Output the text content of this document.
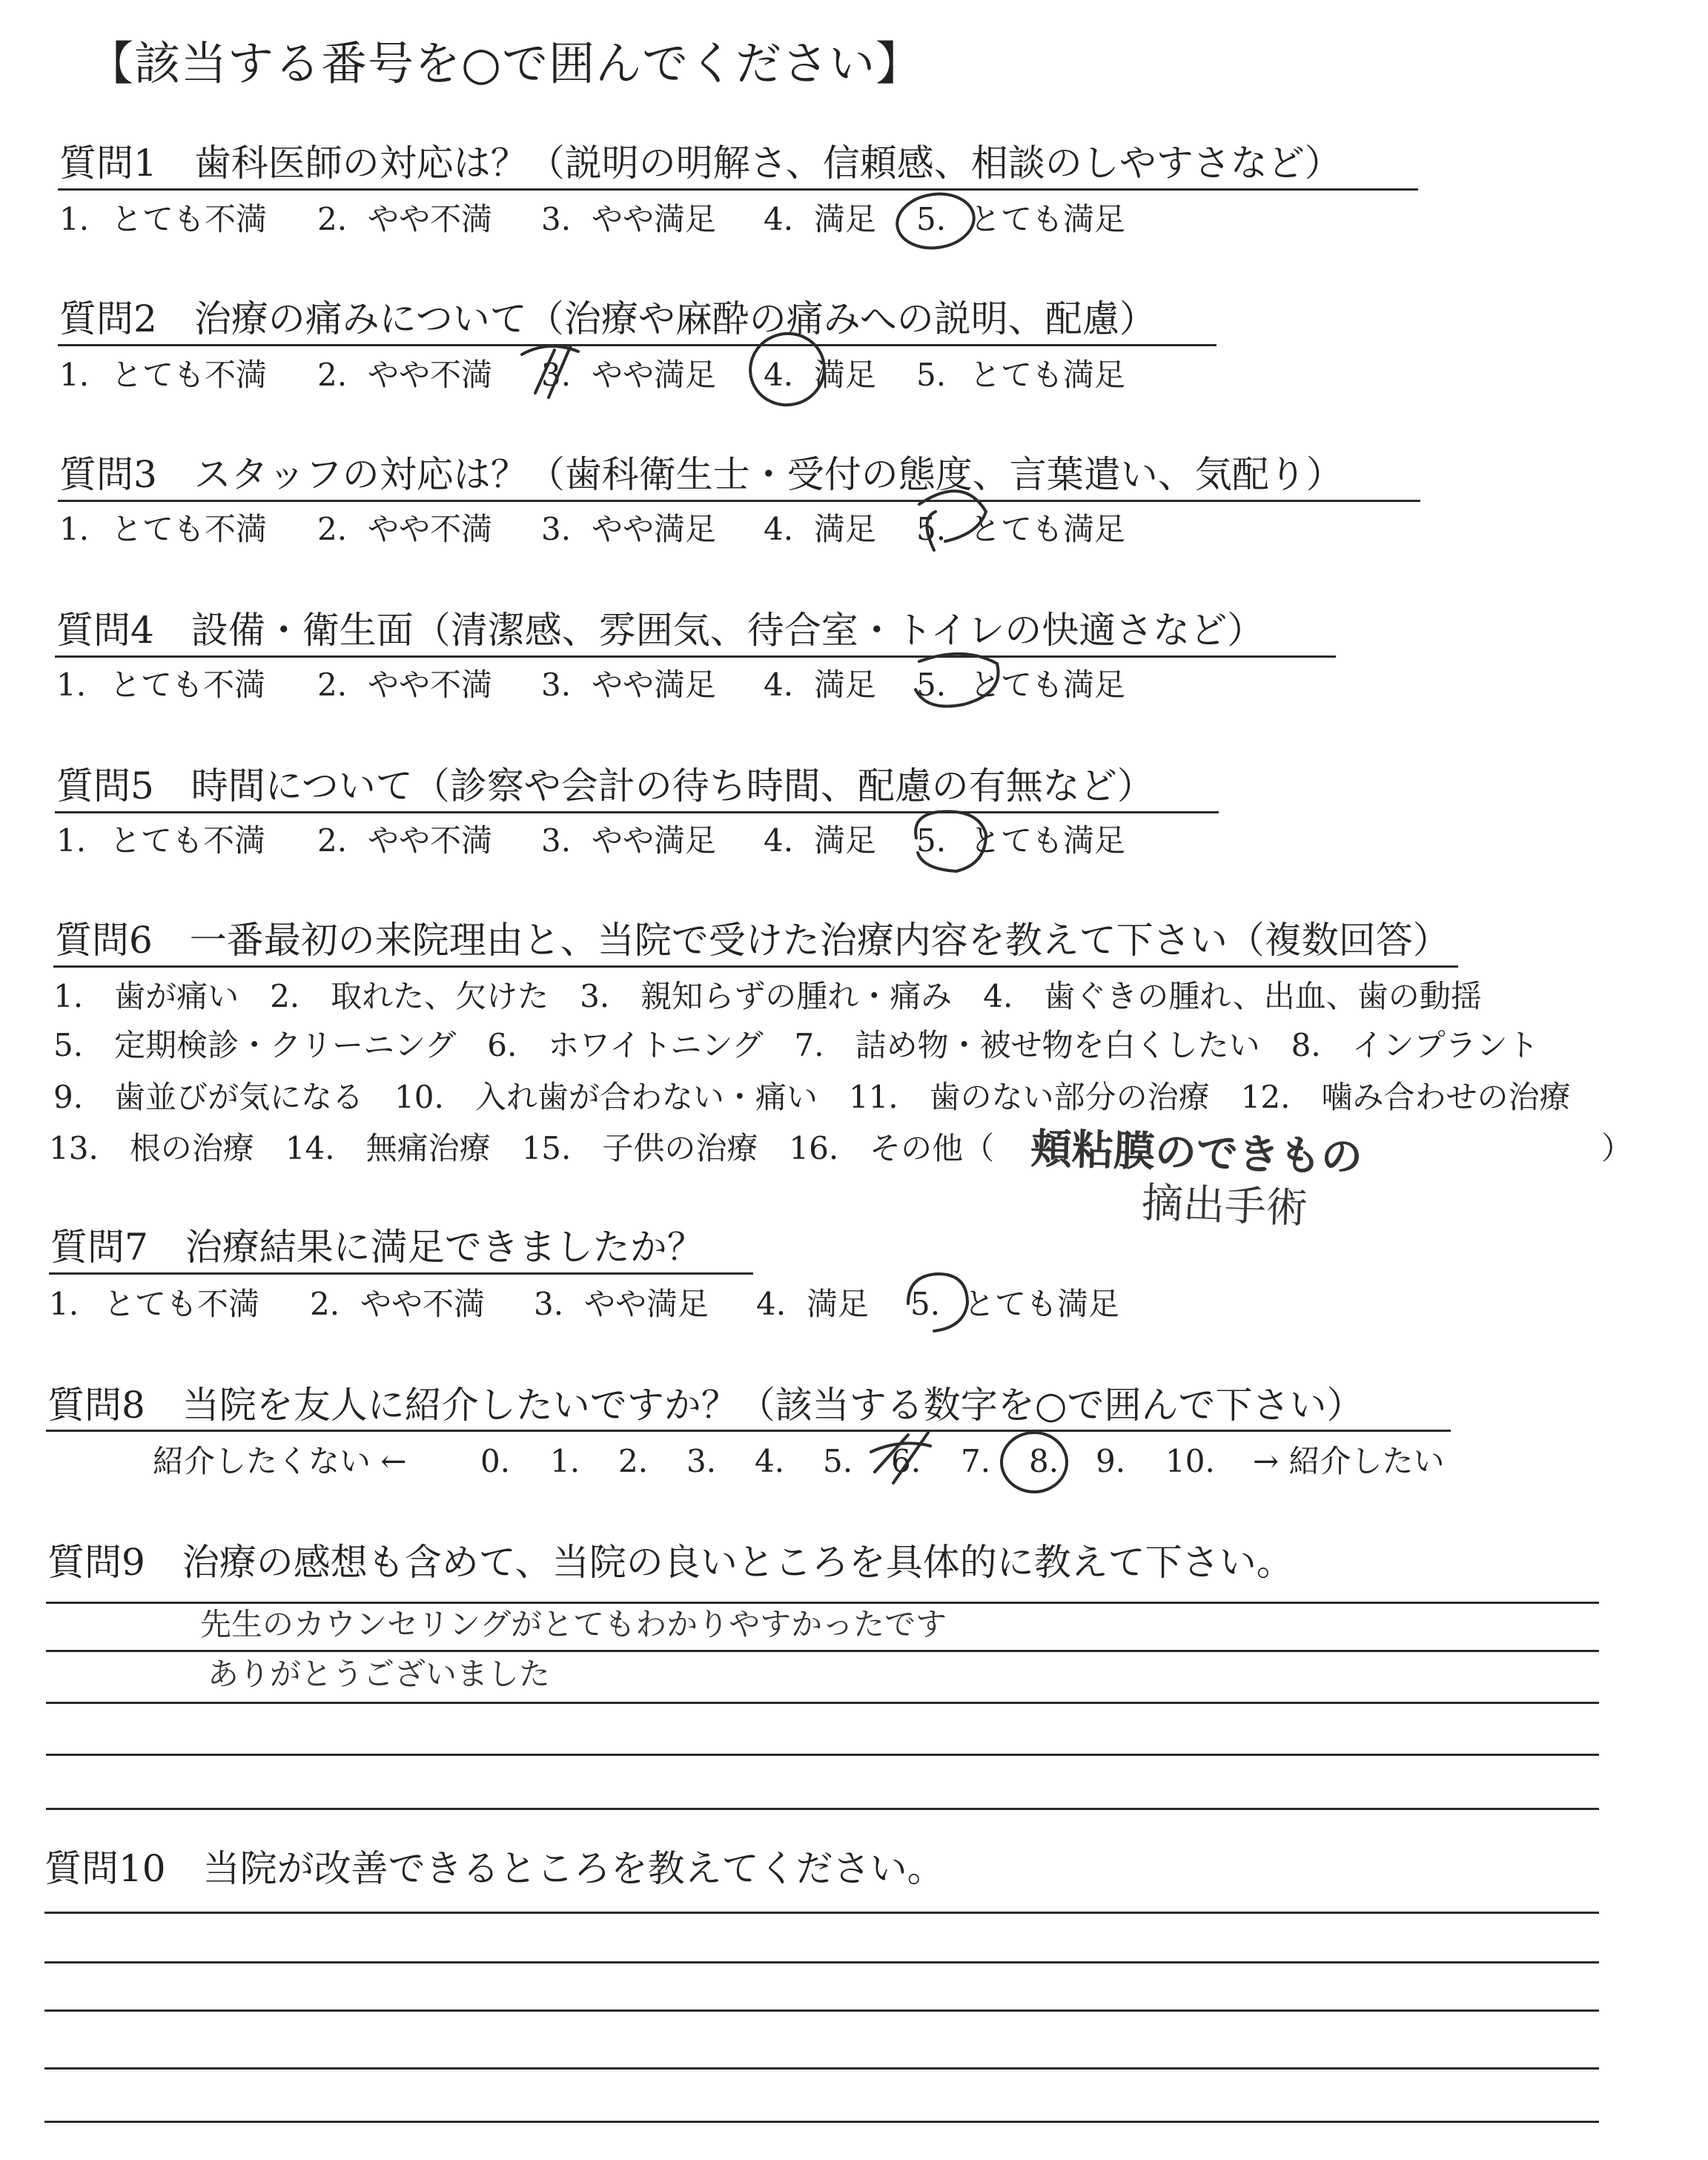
【該当する番号を○で囲んでください】
質問1　歯科医師の対応は？（説明の明解さ、信頼感、相談のしやすさなど）
1. とても不満 2. やや不満 3. やや満足 4. 満足 5. とても満足
質問2　治療の痛みについて（治療や麻酔の痛みへの説明、配慮）
1. とても不満 2. やや不満 3. やや満足 4. 満足 5. とても満足
質問3　スタッフの対応は？（歯科衛生士・受付の態度、言葉遣い、気配り）
1. とても不満 2. やや不満 3. やや満足 4. 満足 5. とても満足
質問4　設備・衛生面（清潔感、雰囲気、待合室・トイレの快適さなど）
1. とても不満 2. やや不満 3. やや満足 4. 満足 5. とても満足
質問5　時間について（診察や会計の待ち時間、配慮の有無など）
1. とても不満 2. やや不満 3. やや満足 4. 満足 5. とても満足
質問6　一番最初の来院理由と、当院で受けた治療内容を教えて下さい（複数回答）
1.　歯が痛い　2.　取れた、欠けた　3.　親知らずの腫れ・痛み　4.　歯ぐきの腫れ、出血、歯の動揺
5.　定期検診・クリーニング　6.　ホワイトニング　7.　詰め物・被せ物を白くしたい　8.　インプラント
9.　歯並びが気になる　10.　入れ歯が合わない・痛い　11.　歯のない部分の治療　12.　噛み合わせの治療
13.　根の治療　14.　無痛治療　15.　子供の治療　16.　その他（	）
頬粘膜のできもの
摘出手術
質問7　治療結果に満足できましたか？
1. とても不満 2. やや不満 3. やや満足 4. 満足 5. とても満足
質問8　当院を友人に紹介したいですか？（該当する数字を○で囲んで下さい）
紹介したくない ← 0. 1. 2. 3. 4. 5. 6. 7. 8. 9. 10. → 紹介したい
質問9　治療の感想も含めて、当院の良いところを具体的に教えて下さい。
先生のカウンセリングがとてもわかりやすかったです
ありがとうございました
質問10　当院が改善できるところを教えてください。
